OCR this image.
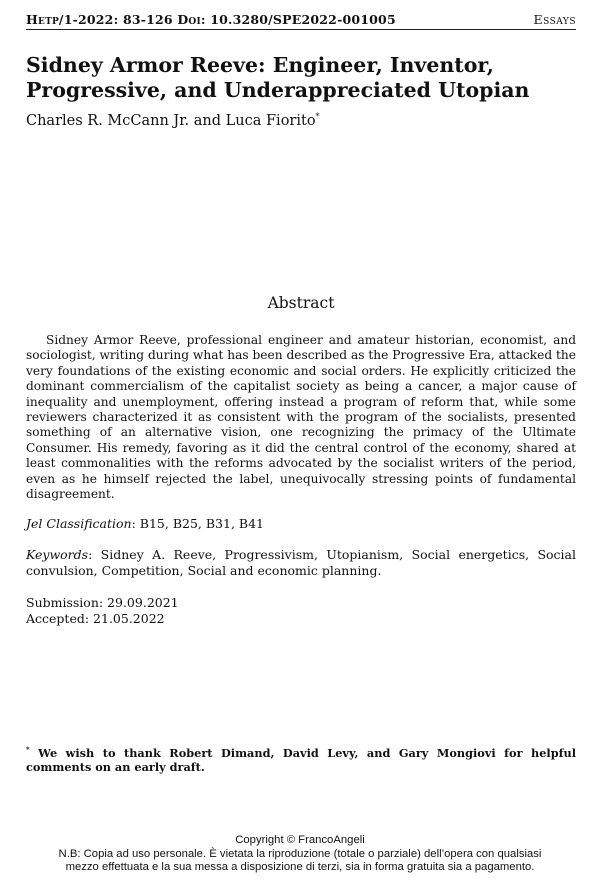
Hetp/1-2022: 83-126 Doi: 10.3280/SPE2022-001005	Essays
Sidney Armor Reeve: Engineer, Inventor, Progressive, and Underappreciated Utopian
Charles R. McCann Jr. and Luca Fiorito*
Abstract

Sidney Armor Reeve, professional engineer and amateur historian, economist, and sociologist, writing during what has been described as the Progressive Era, attacked the very foundations of the existing economic and social orders. He explicitly criticized the dominant commercialism of the capitalist society as being a cancer, a major cause of inequality and unemployment, offering instead a program of reform that, while some reviewers characterized it as consistent with the program of the socialists, presented something of an alternative vision, one recognizing the primacy of the Ultimate Consumer. His remedy, favoring as it did the central control of the economy, shared at least commonalities with the reforms advocated by the socialist writers of the period, even as he himself rejected the label, unequivocally stressing points of fundamental disagreement.

Jel Classification: B15, B25, B31, B41

Keywords: Sidney A. Reeve, Progressivism, Utopianism, Social energetics, Social convulsion, Competition, Social and economic planning.

Submission: 29.09.2021

Accepted: 21.05.2022

* We wish to thank Robert Dimand, David Levy, and Gary Mongiovi for helpful comments on an early draft.

Copyright © FrancoAngeli
N.B: Copia ad uso personale. È vietata la riproduzione (totale o parziale) dell’opera con qualsiasi
mezzo effettuata e la sua messa a disposizione di terzi, sia in forma gratuita sia a pagamento.
